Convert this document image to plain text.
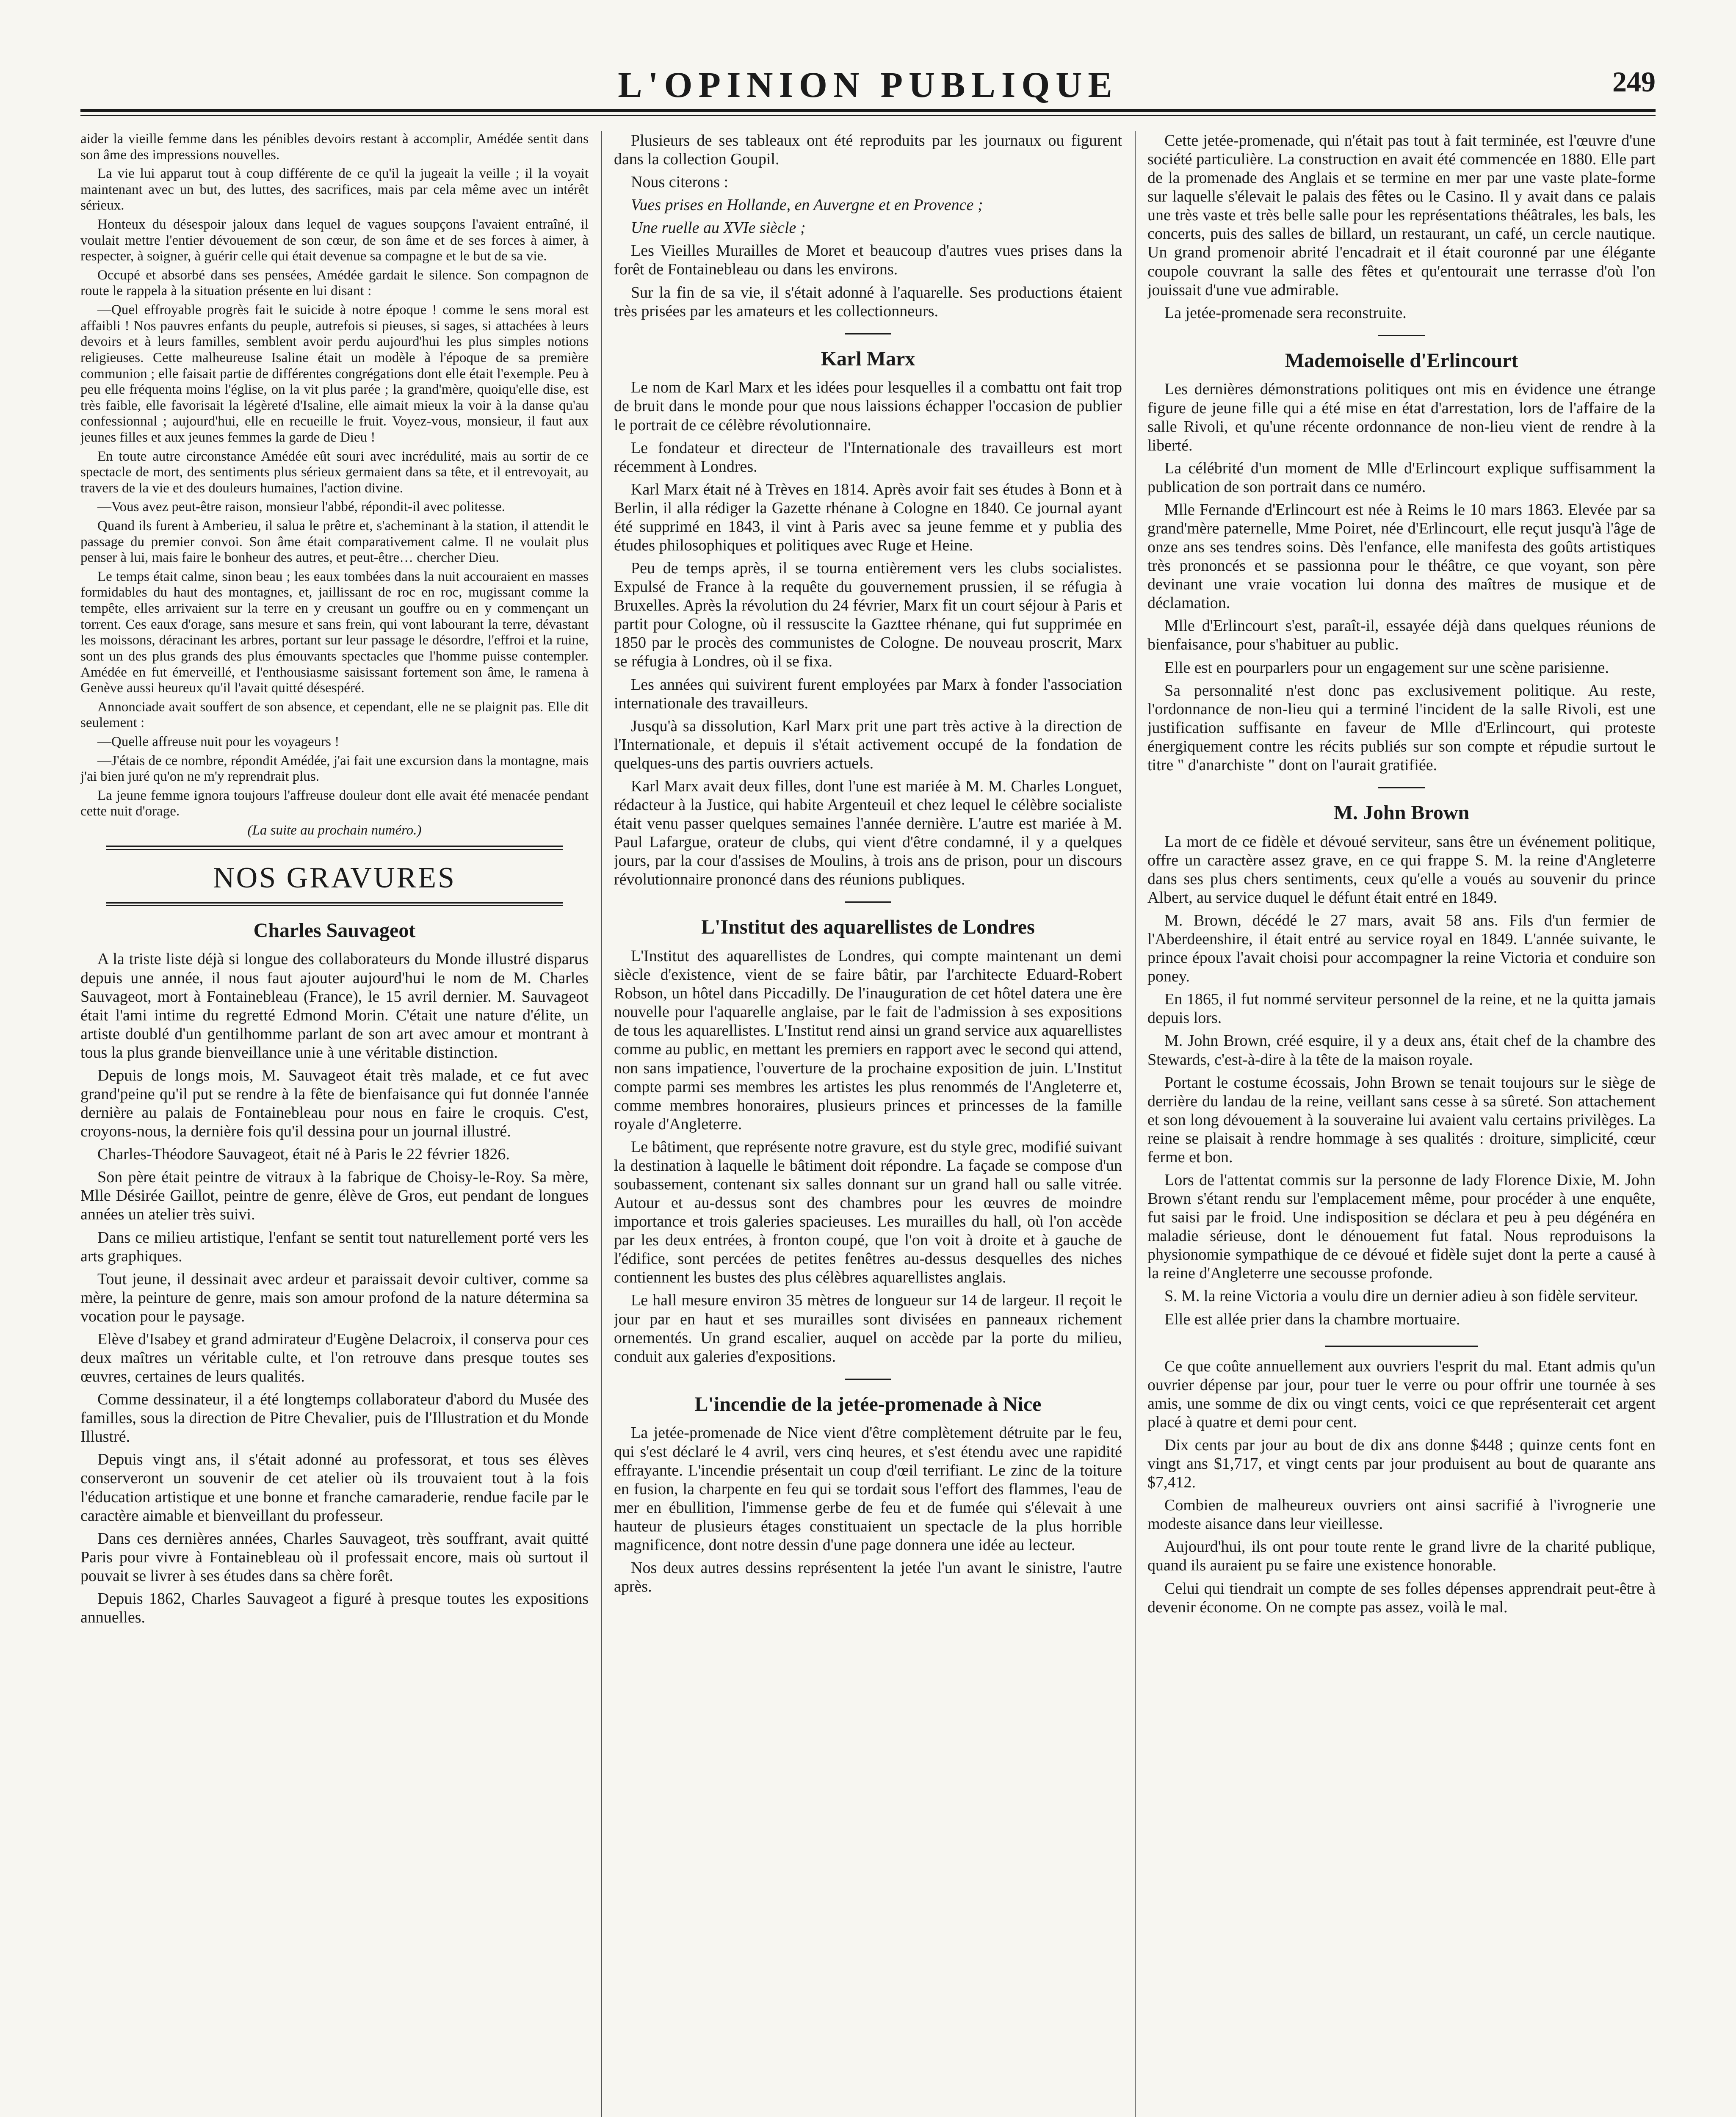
L'OPINION PUBLIQUE	249

aider la vieille femme dans les pénibles devoirs restant à accomplir, Amédée sentit dans son âme des impressions nouvelles.

La vie lui apparut tout à coup différente de ce qu'il la jugeait la veille ; il la voyait maintenant avec un but, des luttes, des sacrifices, mais par cela même avec un intérêt sérieux.

Honteux du désespoir jaloux dans lequel de vagues soupçons l'avaient entraîné, il voulait mettre l'entier dévouement de son cœur, de son âme et de ses forces à aimer, à respecter, à soigner, à guérir celle qui était devenue sa compagne et le but de sa vie.

Occupé et absorbé dans ses pensées, Amédée gardait le silence. Son compagnon de route le rappela à la situation présente en lui disant :

—Quel effroyable progrès fait le suicide à notre époque ! comme le sens moral est affaibli ! Nos pauvres enfants du peuple, autrefois si pieuses, si sages, si attachées à leurs devoirs et à leurs familles, semblent avoir perdu aujourd'hui les plus simples notions religieuses. Cette malheureuse Isaline était un modèle à l'époque de sa première communion ; elle faisait partie de différentes congrégations dont elle était l'exemple. Peu à peu elle fréquenta moins l'église, on la vit plus parée ; la grand'mère, quoiqu'elle dise, est très faible, elle favorisait la légèreté d'Isaline, elle aimait mieux la voir à la danse qu'au confessionnal ; aujourd'hui, elle en recueille le fruit. Voyez-vous, monsieur, il faut aux jeunes filles et aux jeunes femmes la garde de Dieu !

En toute autre circonstance Amédée eût souri avec incrédulité, mais au sortir de ce spectacle de mort, des sentiments plus sérieux germaient dans sa tête, et il entrevoyait, au travers de la vie et des douleurs humaines, l'action divine.

—Vous avez peut-être raison, monsieur l'abbé, répondit-il avec politesse.

Quand ils furent à Amberieu, il salua le prêtre et, s'acheminant à la station, il attendit le passage du premier convoi. Son âme était comparativement calme. Il ne voulait plus penser à lui, mais faire le bonheur des autres, et peut-être… chercher Dieu.

Le temps était calme, sinon beau ; les eaux tombées dans la nuit accouraient en masses formidables du haut des montagnes, et, jaillissant de roc en roc, mugissant comme la tempête, elles arrivaient sur la terre en y creusant un gouffre ou en y commençant un torrent. Ces eaux d'orage, sans mesure et sans frein, qui vont labourant la terre, dévastant les moissons, déracinant les arbres, portant sur leur passage le désordre, l'effroi et la ruine, sont un des plus grands des plus émouvants spectacles que l'homme puisse contempler. Amédée en fut émerveillé, et l'enthousiasme saisissant fortement son âme, le ramena à Genève aussi heureux qu'il l'avait quitté désespéré.

Annonciade avait souffert de son absence, et cependant, elle ne se plaignit pas. Elle dit seulement :

—Quelle affreuse nuit pour les voyageurs !

—J'étais de ce nombre, répondit Amédée, j'ai fait une excursion dans la montagne, mais j'ai bien juré qu'on ne m'y reprendrait plus.

La jeune femme ignora toujours l'affreuse douleur dont elle avait été menacée pendant cette nuit d'orage.

(La suite au prochain numéro.)

NOS GRAVURES
Charles Sauvageot

A la triste liste déjà si longue des collaborateurs du Monde illustré disparus depuis une année, il nous faut ajouter aujourd'hui le nom de M. Charles Sauvageot, mort à Fontainebleau (France), le 15 avril dernier. M. Sauvageot était l'ami intime du regretté Edmond Morin. C'était une nature d'élite, un artiste doublé d'un gentilhomme parlant de son art avec amour et montrant à tous la plus grande bienveillance unie à une véritable distinction.

Depuis de longs mois, M. Sauvageot était très malade, et ce fut avec grand'peine qu'il put se rendre à la fête de bienfaisance qui fut donnée l'année dernière au palais de Fontainebleau pour nous en faire le croquis. C'est, croyons-nous, la dernière fois qu'il dessina pour un journal illustré.

Charles-Théodore Sauvageot, était né à Paris le 22 février 1826.

Son père était peintre de vitraux à la fabrique de Choisy-le-Roy. Sa mère, Mlle Désirée Gaillot, peintre de genre, élève de Gros, eut pendant de longues années un atelier très suivi.

Dans ce milieu artistique, l'enfant se sentit tout naturellement porté vers les arts graphiques.

Tout jeune, il dessinait avec ardeur et paraissait devoir cultiver, comme sa mère, la peinture de genre, mais son amour profond de la nature détermina sa vocation pour le paysage.

Elève d'Isabey et grand admirateur d'Eugène Delacroix, il conserva pour ces deux maîtres un véritable culte, et l'on retrouve dans presque toutes ses œuvres, certaines de leurs qualités.

Comme dessinateur, il a été longtemps collaborateur d'abord du Musée des familles, sous la direction de Pitre Chevalier, puis de l'Illustration et du Monde Illustré.

Depuis vingt ans, il s'était adonné au professorat, et tous ses élèves conserveront un souvenir de cet atelier où ils trouvaient tout à la fois l'éducation artistique et une bonne et franche camaraderie, rendue facile par le caractère aimable et bienveillant du professeur.

Dans ces dernières années, Charles Sauvageot, très souffrant, avait quitté Paris pour vivre à Fontainebleau où il professait encore, mais où surtout il pouvait se livrer à ses études dans sa chère forêt.

Depuis 1862, Charles Sauvageot a figuré à presque toutes les expositions annuelles.

Plusieurs de ses tableaux ont été reproduits par les journaux ou figurent dans la collection Goupil.

Nous citerons :

Vues prises en Hollande, en Auvergne et en Provence ;

Une ruelle au XVIe siècle ;

Les Vieilles Murailles de Moret et beaucoup d'autres vues prises dans la forêt de Fontainebleau ou dans les environs.

Sur la fin de sa vie, il s'était adonné à l'aquarelle. Ses productions étaient très prisées par les amateurs et les collectionneurs.

Karl Marx

Le nom de Karl Marx et les idées pour lesquelles il a combattu ont fait trop de bruit dans le monde pour que nous laissions échapper l'occasion de publier le portrait de ce célèbre révolutionnaire.

Le fondateur et directeur de l'Internationale des travailleurs est mort récemment à Londres.

Karl Marx était né à Trèves en 1814. Après avoir fait ses études à Bonn et à Berlin, il alla rédiger la Gazette rhénane à Cologne en 1840. Ce journal ayant été supprimé en 1843, il vint à Paris avec sa jeune femme et y publia des études philosophiques et politiques avec Ruge et Heine.

Peu de temps après, il se tourna entièrement vers les clubs socialistes. Expulsé de France à la requête du gouvernement prussien, il se réfugia à Bruxelles. Après la révolution du 24 février, Marx fit un court séjour à Paris et partit pour Cologne, où il ressuscite la Gazttee rhénane, qui fut supprimée en 1850 par le procès des communistes de Cologne. De nouveau proscrit, Marx se réfugia à Londres, où il se fixa.

Les années qui suivirent furent employées par Marx à fonder l'association internationale des travailleurs.

Jusqu'à sa dissolution, Karl Marx prit une part très active à la direction de l'Internationale, et depuis il s'était activement occupé de la fondation de quelques-uns des partis ouvriers actuels.

Karl Marx avait deux filles, dont l'une est mariée à M. M. Charles Longuet, rédacteur à la Justice, qui habite Argenteuil et chez lequel le célèbre socialiste était venu passer quelques semaines l'année dernière. L'autre est mariée à M. Paul Lafargue, orateur de clubs, qui vient d'être condamné, il y a quelques jours, par la cour d'assises de Moulins, à trois ans de prison, pour un discours révolutionnaire prononcé dans des réunions publiques.

L'Institut des aquarellistes de Londres

L'Institut des aquarellistes de Londres, qui compte maintenant un demi siècle d'existence, vient de se faire bâtir, par l'architecte Eduard-Robert Robson, un hôtel dans Piccadilly. De l'inauguration de cet hôtel datera une ère nouvelle pour l'aquarelle anglaise, par le fait de l'admission à ses expositions de tous les aquarellistes. L'Institut rend ainsi un grand service aux aquarellistes comme au public, en mettant les premiers en rapport avec le second qui attend, non sans impatience, l'ouverture de la prochaine exposition de juin. L'Institut compte parmi ses membres les artistes les plus renommés de l'Angleterre et, comme membres honoraires, plusieurs princes et princesses de la famille royale d'Angleterre.

Le bâtiment, que représente notre gravure, est du style grec, modifié suivant la destination à laquelle le bâtiment doit répondre. La façade se compose d'un soubassement, contenant six salles donnant sur un grand hall ou salle vitrée. Autour et au-dessus sont des chambres pour les œuvres de moindre importance et trois galeries spacieuses. Les murailles du hall, où l'on accède par les deux entrées, à fronton coupé, que l'on voit à droite et à gauche de l'édifice, sont percées de petites fenêtres au-dessus desquelles des niches contiennent les bustes des plus célèbres aquarellistes anglais.

Le hall mesure environ 35 mètres de longueur sur 14 de largeur. Il reçoit le jour par en haut et ses murailles sont divisées en panneaux richement ornementés. Un grand escalier, auquel on accède par la porte du milieu, conduit aux galeries d'expositions.

L'incendie de la jetée-promenade à Nice

La jetée-promenade de Nice vient d'être complètement détruite par le feu, qui s'est déclaré le 4 avril, vers cinq heures, et s'est étendu avec une rapidité effrayante. L'incendie présentait un coup d'œil terrifiant. Le zinc de la toiture en fusion, la charpente en feu qui se tordait sous l'effort des flammes, l'eau de mer en ébullition, l'immense gerbe de feu et de fumée qui s'élevait à une hauteur de plusieurs étages constituaient un spectacle de la plus horrible magnificence, dont notre dessin d'une page donnera une idée au lecteur.

Nos deux autres dessins représentent la jetée l'un avant le sinistre, l'autre après.

Cette jetée-promenade, qui n'était pas tout à fait terminée, est l'œuvre d'une société particulière. La construction en avait été commencée en 1880. Elle part de la promenade des Anglais et se termine en mer par une vaste plate-forme sur laquelle s'élevait le palais des fêtes ou le Casino. Il y avait dans ce palais une très vaste et très belle salle pour les représentations théâtrales, les bals, les concerts, puis des salles de billard, un restaurant, un café, un cercle nautique. Un grand promenoir abrité l'encadrait et il était couronné par une élégante coupole couvrant la salle des fêtes et qu'entourait une terrasse d'où l'on jouissait d'une vue admirable.

La jetée-promenade sera reconstruite.

Mademoiselle d'Erlincourt

Les dernières démonstrations politiques ont mis en évidence une étrange figure de jeune fille qui a été mise en état d'arrestation, lors de l'affaire de la salle Rivoli, et qu'une récente ordonnance de non-lieu vient de rendre à la liberté.

La célébrité d'un moment de Mlle d'Erlincourt explique suffisamment la publication de son portrait dans ce numéro.

Mlle Fernande d'Erlincourt est née à Reims le 10 mars 1863. Elevée par sa grand'mère paternelle, Mme Poiret, née d'Erlincourt, elle reçut jusqu'à l'âge de onze ans ses tendres soins. Dès l'enfance, elle manifesta des goûts artistiques très prononcés et se passionna pour le théâtre, ce que voyant, son père devinant une vraie vocation lui donna des maîtres de musique et de déclamation.

Mlle d'Erlincourt s'est, paraît-il, essayée déjà dans quelques réunions de bienfaisance, pour s'habituer au public.

Elle est en pourparlers pour un engagement sur une scène parisienne.

Sa personnalité n'est donc pas exclusivement politique. Au reste, l'ordonnance de non-lieu qui a terminé l'incident de la salle Rivoli, est une justification suffisante en faveur de Mlle d'Erlincourt, qui proteste énergiquement contre les récits publiés sur son compte et répudie surtout le titre " d'anarchiste " dont on l'aurait gratifiée.

M. John Brown

La mort de ce fidèle et dévoué serviteur, sans être un événement politique, offre un caractère assez grave, en ce qui frappe S. M. la reine d'Angleterre dans ses plus chers sentiments, ceux qu'elle a voués au souvenir du prince Albert, au service duquel le défunt était entré en 1849.

M. Brown, décédé le 27 mars, avait 58 ans. Fils d'un fermier de l'Aberdeenshire, il était entré au service royal en 1849. L'année suivante, le prince époux l'avait choisi pour accompagner la reine Victoria et conduire son poney.

En 1865, il fut nommé serviteur personnel de la reine, et ne la quitta jamais depuis lors.

M. John Brown, créé esquire, il y a deux ans, était chef de la chambre des Stewards, c'est-à-dire à la tête de la maison royale.

Portant le costume écossais, John Brown se tenait toujours sur le siège de derrière du landau de la reine, veillant sans cesse à sa sûreté. Son attachement et son long dévouement à la souveraine lui avaient valu certains privilèges. La reine se plaisait à rendre hommage à ses qualités : droiture, simplicité, cœur ferme et bon.

Lors de l'attentat commis sur la personne de lady Florence Dixie, M. John Brown s'étant rendu sur l'emplacement même, pour procéder à une enquête, fut saisi par le froid. Une indisposition se déclara et peu à peu dégénéra en maladie sérieuse, dont le dénouement fut fatal. Nous reproduisons la physionomie sympathique de ce dévoué et fidèle sujet dont la perte a causé à la reine d'Angleterre une secousse profonde.

S. M. la reine Victoria a voulu dire un dernier adieu à son fidèle serviteur.

Elle est allée prier dans la chambre mortuaire.

Ce que coûte annuellement aux ouvriers l'esprit du mal. Etant admis qu'un ouvrier dépense par jour, pour tuer le verre ou pour offrir une tournée à ses amis, une somme de dix ou vingt cents, voici ce que représenterait cet argent placé à quatre et demi pour cent.

Dix cents par jour au bout de dix ans donne $448 ; quinze cents font en vingt ans $1,717, et vingt cents par jour produisent au bout de quarante ans $7,412.

Combien de malheureux ouvriers ont ainsi sacrifié à l'ivrognerie une modeste aisance dans leur vieillesse.

Aujourd'hui, ils ont pour toute rente le grand livre de la charité publique, quand ils auraient pu se faire une existence honorable.

Celui qui tiendrait un compte de ses folles dépenses apprendrait peut-être à devenir économe. On ne compte pas assez, voilà le mal.
